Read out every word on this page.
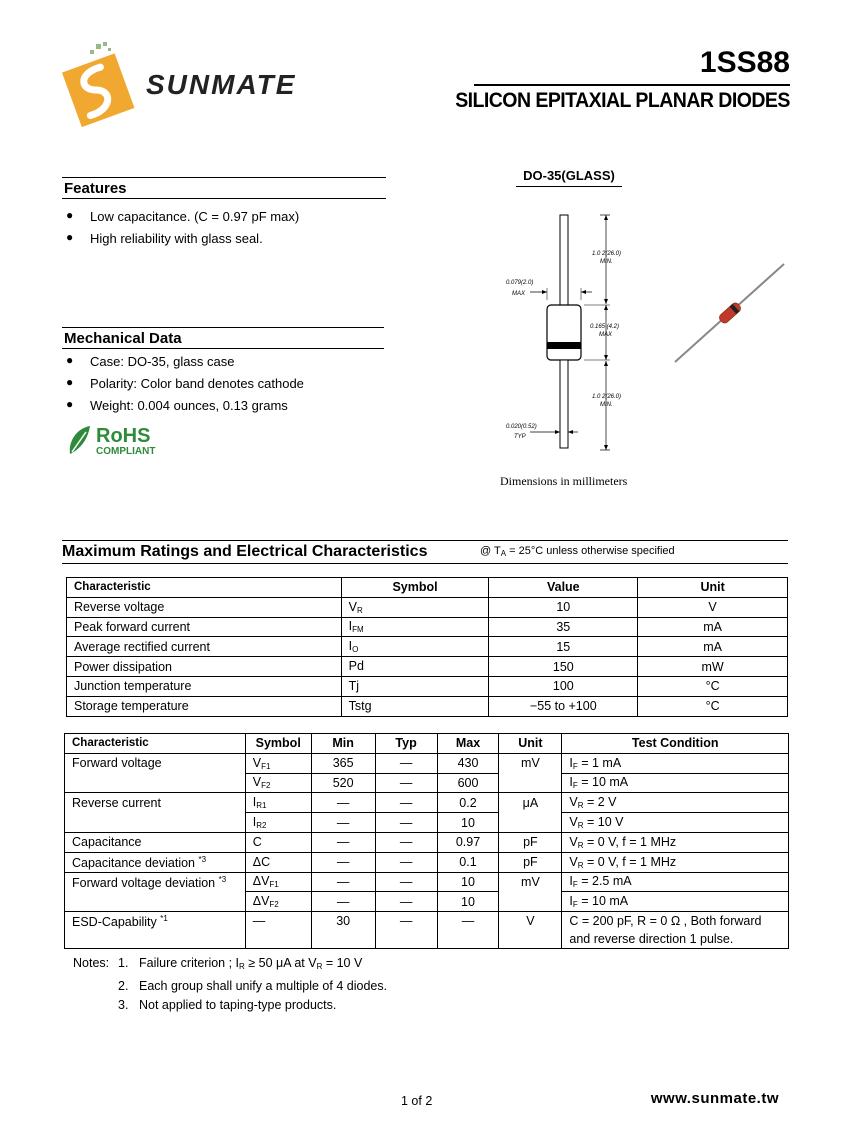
SUNMATE
1SS88
SILICON EPITAXIAL PLANAR DIODES
Features
● Low capacitance. (C = 0.97 pF max)
● High reliability with glass seal.
Mechanical Data
● Case: DO-35, glass case
● Polarity: Color band denotes cathode
● Weight: 0.004 ounces, 0.13 grams
RoHS
COMPLIANT
DO-35(GLASS)
1.0 2(26.0)
MIN.
0.079(2.0)
MAX
0.165 (4.2)
MAX
1.0 2(26.0)
MIN.
0.020(0.52)
TYP
Dimensions in millimeters
Maximum Ratings and Electrical Characteristics	@ $T_A = 25^\circ C$ unless otherwise specified
Characteristic	Symbol	Value	Unit
Reverse voltage	$V_R$	10	V
Peak forward current	$I_{FM}$	35	mA
Average rectified current	$I_O$	15	mA
Power dissipation	Pd	150	mW
Junction temperature	Tj	100	°C
Storage temperature	Tstg	−55 to +100	°C
Characteristic	Symbol	Min	Typ	Max	Unit	Test Condition
Forward voltage	$V_{F1}$	365	—	430	mV	$I_F = 1$ mA
	$V_{F2}$	520	—	600		$I_F = 10$ mA
Reverse current	$I_{R1}$	—	—	0.2	μA	$V_R = 2$ V
	$I_{R2}$	—	—	10		$V_R = 10$ V
Capacitance	C	—	—	0.97	pF	$V_R = 0$ V, f = 1 MHz
Capacitance deviation $^{*3}$	ΔC	—	—	0.1	pF	$V_R = 0$ V, f = 1 MHz
Forward voltage deviation $^{*3}$	$\Delta V_{F1}$	—	—	10	mV	$I_F = 2.5$ mA
	$\Delta V_{F2}$	—	—	10		$I_F = 10$ mA
ESD-Capability $^{*1}$	—	30	—	—	V	C = 200 pF, R = 0 Ω , Both forward
and reverse direction 1 pulse.
Notes: 1. Failure criterion ; $I_R \ge 50$ μA at $V_R = 10$ V
2. Each group shall unify a multiple of 4 diodes.
3. Not applied to taping-type products.
1 of 2	www.sunmate.tw
